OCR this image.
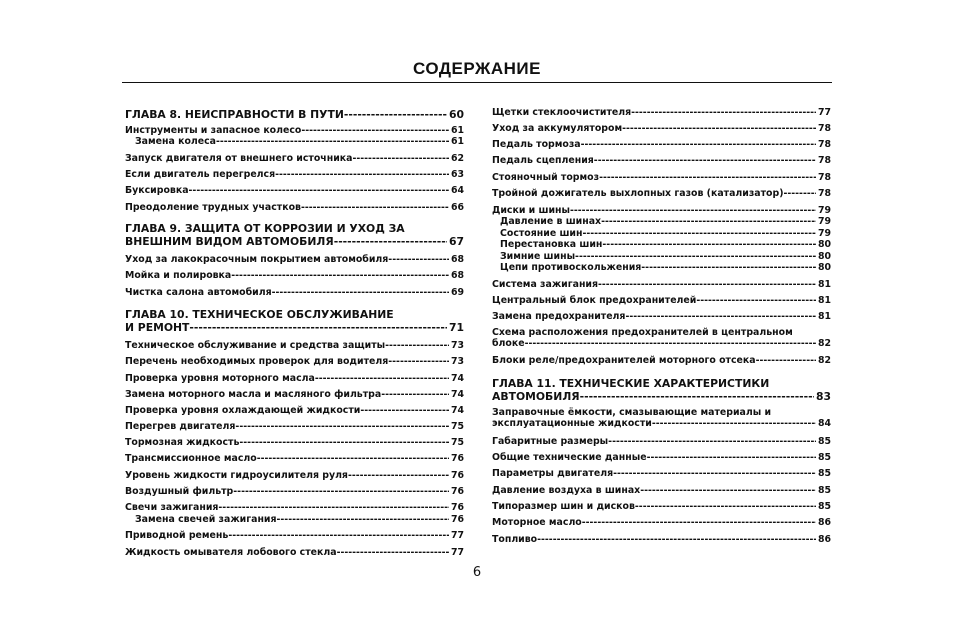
СОДЕРЖАНИЕ
ГЛАВА 8. НЕИСПРАВНОСТИ В ПУТИ -----	60
Инструменты и запасное колесо -----	61
Замена колеса -----	61
Запуск двигателя от внешнего источника -----	62
Если двигатель перегрелся -----	63
Буксировка -----	64
Преодоление трудных участков -----	66
ГЛАВА 9. ЗАЩИТА ОТ КОРРОЗИИ И УХОД ЗА
ВНЕШНИМ ВИДОМ АВТОМОБИЛЯ -----	67
Уход за лакокрасочным покрытием автомобиля -----	68
Мойка и полировка -----	68
Чистка салона автомобиля -----	69
ГЛАВА 10. ТЕХНИЧЕСКОЕ ОБСЛУЖИВАНИЕ
И РЕМОНТ -----	71
Техническое обслуживание и средства защиты -----	73
Перечень необходимых проверок для водителя -----	73
Проверка уровня моторного масла -----	74
Замена моторного масла и масляного фильтра -----	74
Проверка уровня охлаждающей жидкости -----	74
Перегрев двигателя -----	75
Тормозная жидкость -----	75
Трансмиссионное масло -----	76
Уровень жидкости гидроусилителя руля -----	76
Воздушный фильтр -----	76
Свечи зажигания -----	76
Замена свечей зажигания -----	76
Приводной ремень -----	77
Жидкость омывателя лобового стекла -----	77
Щетки стеклоочистителя -----	77
Уход за аккумулятором -----	78
Педаль тормоза -----	78
Педаль сцепления -----	78
Стояночный тормоз -----	78
Тройной дожигатель выхлопных газов (катализатор) -----	78
Диски и шины -----	79
Давление в шинах -----	79
Состояние шин -----	79
Перестановка шин -----	80
Зимние шины -----	80
Цепи противоскольжения -----	80
Система зажигания -----	81
Центральный блок предохранителей -----	81
Замена предохранителя -----	81
Схема расположения предохранителей в центральном
блоке -----	82
Блоки реле/предохранителей моторного отсека -----	82
ГЛАВА 11. ТЕХНИЧЕСКИЕ ХАРАКТЕРИСТИКИ
АВТОМОБИЛЯ -----	83
Заправочные ёмкости, смазывающие материалы и
эксплуатационные жидкости -----	84
Габаритные размеры -----	85
Общие технические данные -----	85
Параметры двигателя -----	85
Давление воздуха в шинах -----	85
Типоразмер шин и дисков -----	85
Моторное масло -----	86
Топливо -----	86
6
